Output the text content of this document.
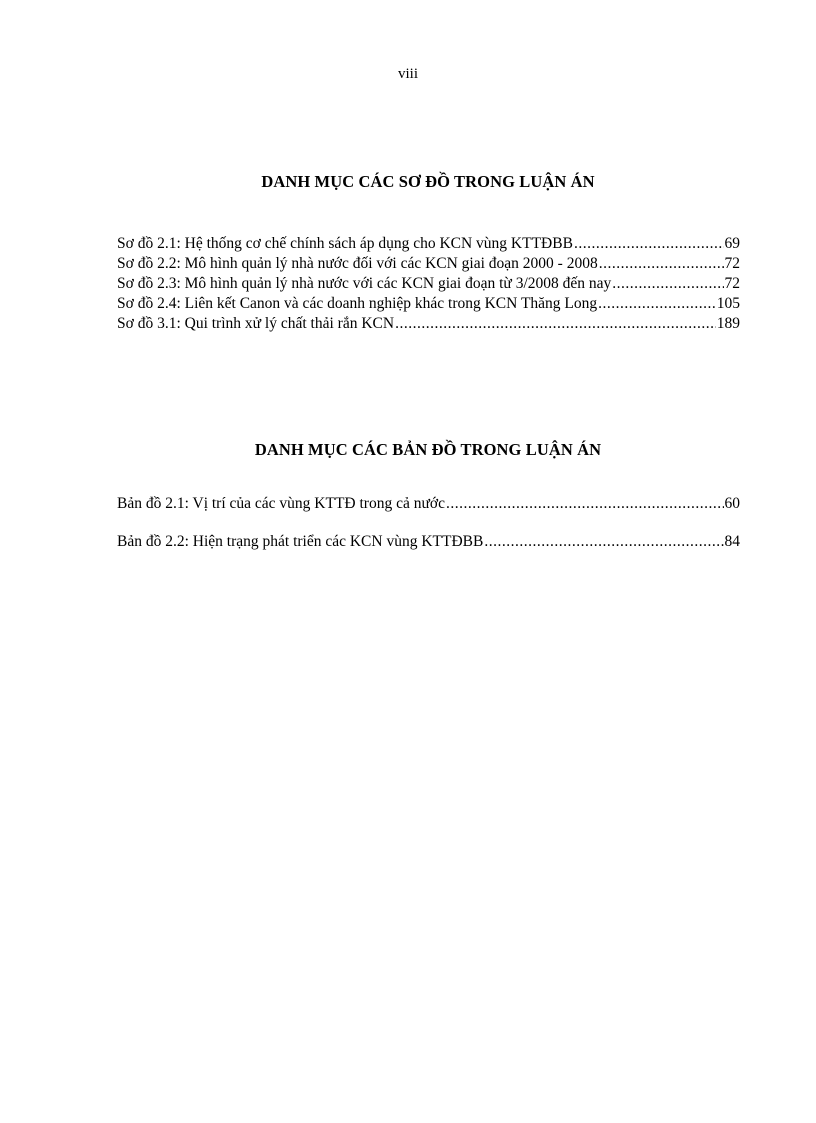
viii
DANH MỤC CÁC SƠ ĐỒ TRONG LUẬN ÁN
Sơ đồ 2.1: Hệ thống cơ chế chính sách áp dụng cho KCN vùng KTTĐBB .....	69
Sơ đồ 2.2: Mô hình quản lý nhà nước đối với các KCN giai đoạn 2000 - 2008 .....	72
Sơ đồ 2.3: Mô hình quản lý nhà nước với các KCN giai đoạn từ 3/2008 đến nay .....	72
Sơ đồ 2.4: Liên kết Canon và các doanh nghiệp khác trong KCN Thăng Long .....	105
Sơ đồ 3.1: Qui trình xử lý chất thải rắn KCN .....	189
DANH MỤC CÁC BẢN ĐỒ TRONG LUẬN ÁN
Bản đồ 2.1: Vị trí của các vùng KTTĐ trong cả nước .....	60
Bản đồ 2.2: Hiện trạng phát triển các KCN vùng KTTĐBB .....	84
